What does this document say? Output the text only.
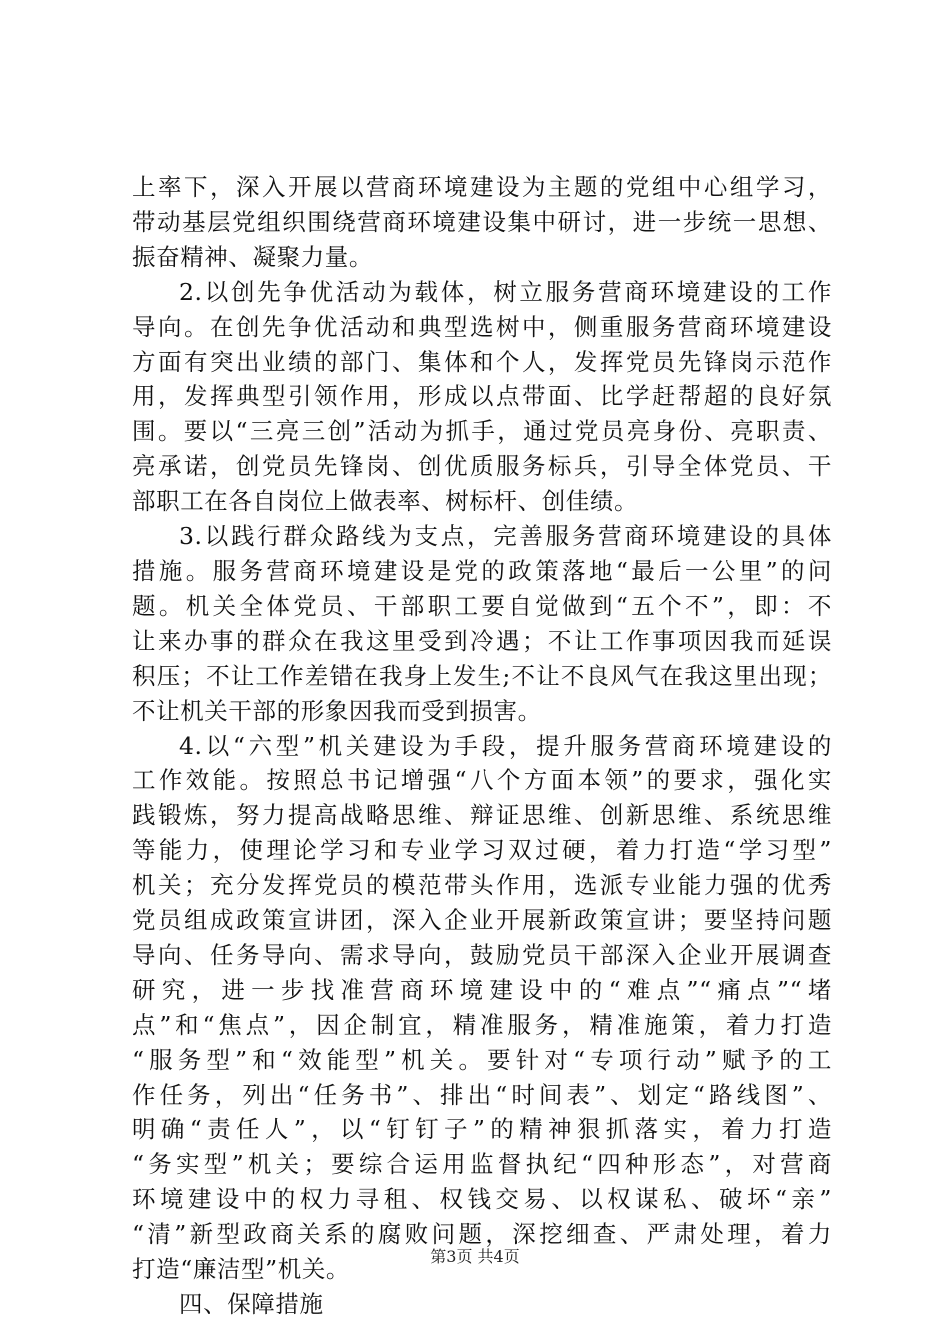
上率下，深入开展以营商环境建设为主题的党组中心组学习，
带动基层党组织围绕营商环境建设集中研讨，进一步统一思想、
振奋精神、凝聚力量。
2.以创先争优活动为载体，树立服务营商环境建设的工作
导向。在创先争优活动和典型选树中，侧重服务营商环境建设
方面有突出业绩的部门、集体和个人，发挥党员先锋岗示范作
用，发挥典型引领作用，形成以点带面、比学赶帮超的良好氛
围。要以“三亮三创”活动为抓手，通过党员亮身份、亮职责、
亮承诺，创党员先锋岗、创优质服务标兵，引导全体党员、干
部职工在各自岗位上做表率、树标杆、创佳绩。
3.以践行群众路线为支点，完善服务营商环境建设的具体
措施。服务营商环境建设是党的政策落地“最后一公里”的问
题。机关全体党员、干部职工要自觉做到“五个不”，即：不
让来办事的群众在我这里受到冷遇；不让工作事项因我而延误
积压；不让工作差错在我身上发生;不让不良风气在我这里出现；
不让机关干部的形象因我而受到损害。
4.以“六型”机关建设为手段，提升服务营商环境建设的
工作效能。按照总书记增强“八个方面本领”的要求，强化实
践锻炼，努力提高战略思维、辩证思维、创新思维、系统思维
等能力，使理论学习和专业学习双过硬，着力打造“学习型”
机关；充分发挥党员的模范带头作用，选派专业能力强的优秀
党员组成政策宣讲团，深入企业开展新政策宣讲；要坚持问题
导向、任务导向、需求导向，鼓励党员干部深入企业开展调查
研究，进一步找准营商环境建设中的“难点”“痛点”“堵
点”和“焦点”，因企制宜，精准服务，精准施策，着力打造
“服务型”和“效能型”机关。要针对“专项行动”赋予的工
作任务，列出“任务书”、排出“时间表”、划定“路线图”、
明确“责任人”，以“钉钉子”的精神狠抓落实，着力打造
“务实型”机关；要综合运用监督执纪“四种形态”，对营商
环境建设中的权力寻租、权钱交易、以权谋私、破坏“亲”
“清”新型政商关系的腐败问题，深挖细查、严肃处理，着力
打造“廉洁型”机关。
四、保障措施
第3页 共4页
